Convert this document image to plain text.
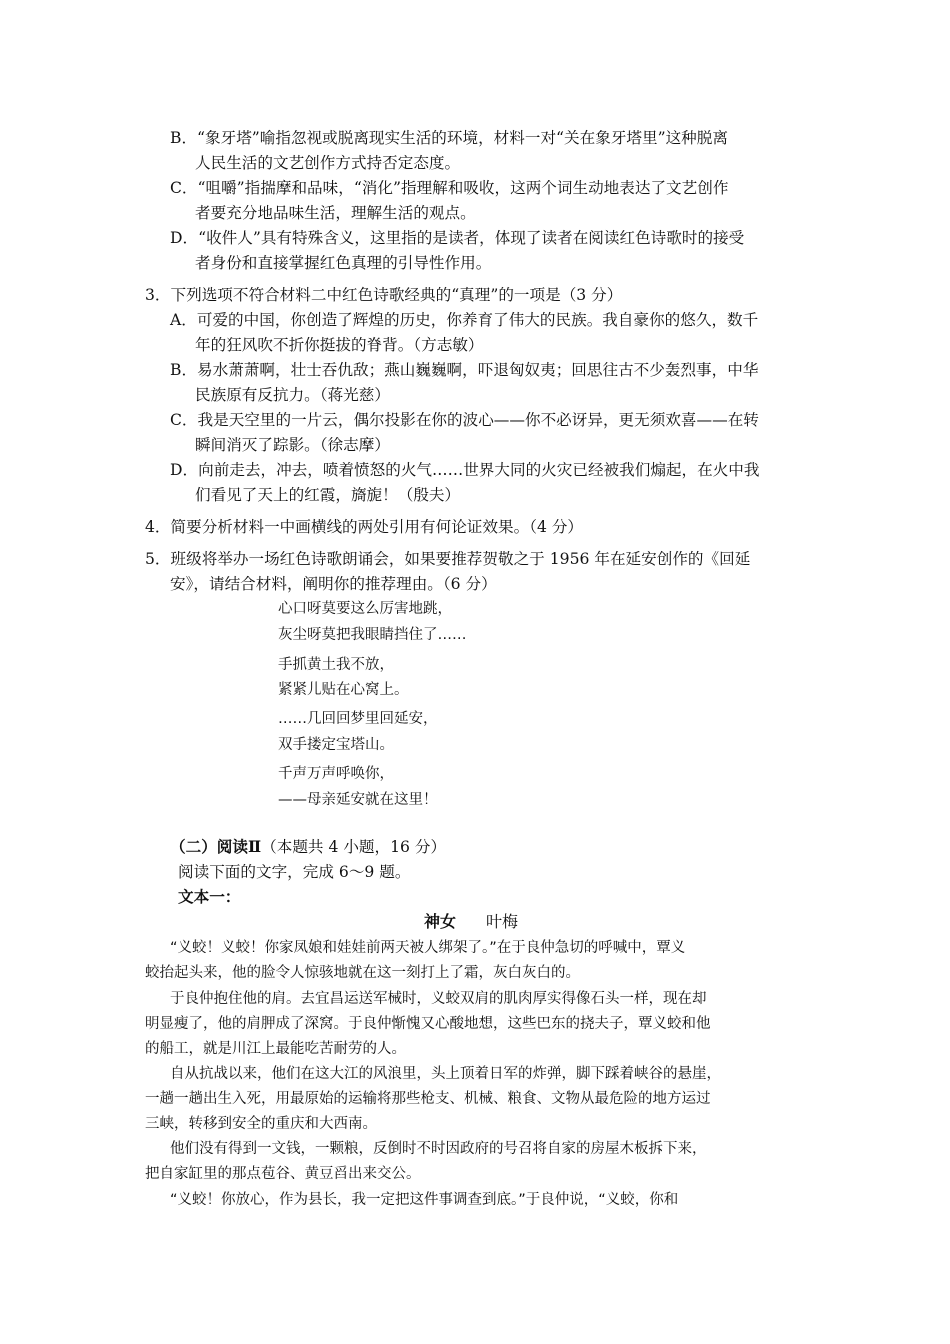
B．“象牙塔”喻指忽视或脱离现实生活的环境，材料一对“关在象牙塔里”这种脱离
人民生活的文艺创作方式持否定态度。
C．“咀嚼”指揣摩和品味，“消化”指理解和吸收，这两个词生动地表达了文艺创作
者要充分地品味生活，理解生活的观点。
D．“收件人”具有特殊含义，这里指的是读者，体现了读者在阅读红色诗歌时的接受
者身份和直接掌握红色真理的引导性作用。
3．下列选项不符合材料二中红色诗歌经典的“真理”的一项是（3 分）
A．可爱的中国，你创造了辉煌的历史，你养育了伟大的民族。我自豪你的悠久，数千
年的狂风吹不折你挺拔的脊背。（方志敏）
B．易水萧萧啊，壮士吞仇敌；燕山巍巍啊，吓退匈奴夷；回思往古不少轰烈事，中华
民族原有反抗力。（蒋光慈）
C．我是天空里的一片云，偶尔投影在你的波心——你不必讶异，更无须欢喜——在转
瞬间消灭了踪影。（徐志摩）
D．向前走去，冲去，喷着愤怒的火气……世界大同的火灾已经被我们煽起，在火中我
们看见了天上的红霞，旖旎！（殷夫）
4．简要分析材料一中画横线的两处引用有何论证效果。（4 分）
5．班级将举办一场红色诗歌朗诵会，如果要推荐贺敬之于 1956 年在延安创作的《回延
安》，请结合材料，阐明你的推荐理由。（6 分）
心口呀莫要这么厉害地跳，
灰尘呀莫把我眼睛挡住了……
手抓黄土我不放，
紧紧儿贴在心窝上。
……几回回梦里回延安，
双手搂定宝塔山。
千声万声呼唤你，
——母亲延安就在这里！
（二）阅读Ⅱ（本题共 4 小题，16 分）
阅读下面的文字，完成 6～9 题。
文本一：
神女 叶梅
“义蛟！义蛟！你家凤娘和娃娃前两天被人绑架了。”在于良仲急切的呼喊中，覃义
蛟抬起头来，他的脸令人惊骇地就在这一刻打上了霜，灰白灰白的。
于良仲抱住他的肩。去宜昌运送军械时，义蛟双肩的肌肉厚实得像石头一样，现在却
明显瘦了，他的肩胛成了深窝。于良仲惭愧又心酸地想，这些巴东的挠夫子，覃义蛟和他
的船工，就是川江上最能吃苦耐劳的人。
自从抗战以来，他们在这大江的风浪里，头上顶着日军的炸弹，脚下踩着峡谷的悬崖，
一趟一趟出生入死，用最原始的运输将那些枪支、机械、粮食、文物从最危险的地方运过
三峡，转移到安全的重庆和大西南。
他们没有得到一文钱，一颗粮，反倒时不时因政府的号召将自家的房屋木板拆下来，
把自家缸里的那点苞谷、黄豆舀出来交公。
“义蛟！你放心，作为县长，我一定把这件事调查到底。”于良仲说，“义蛟，你和
